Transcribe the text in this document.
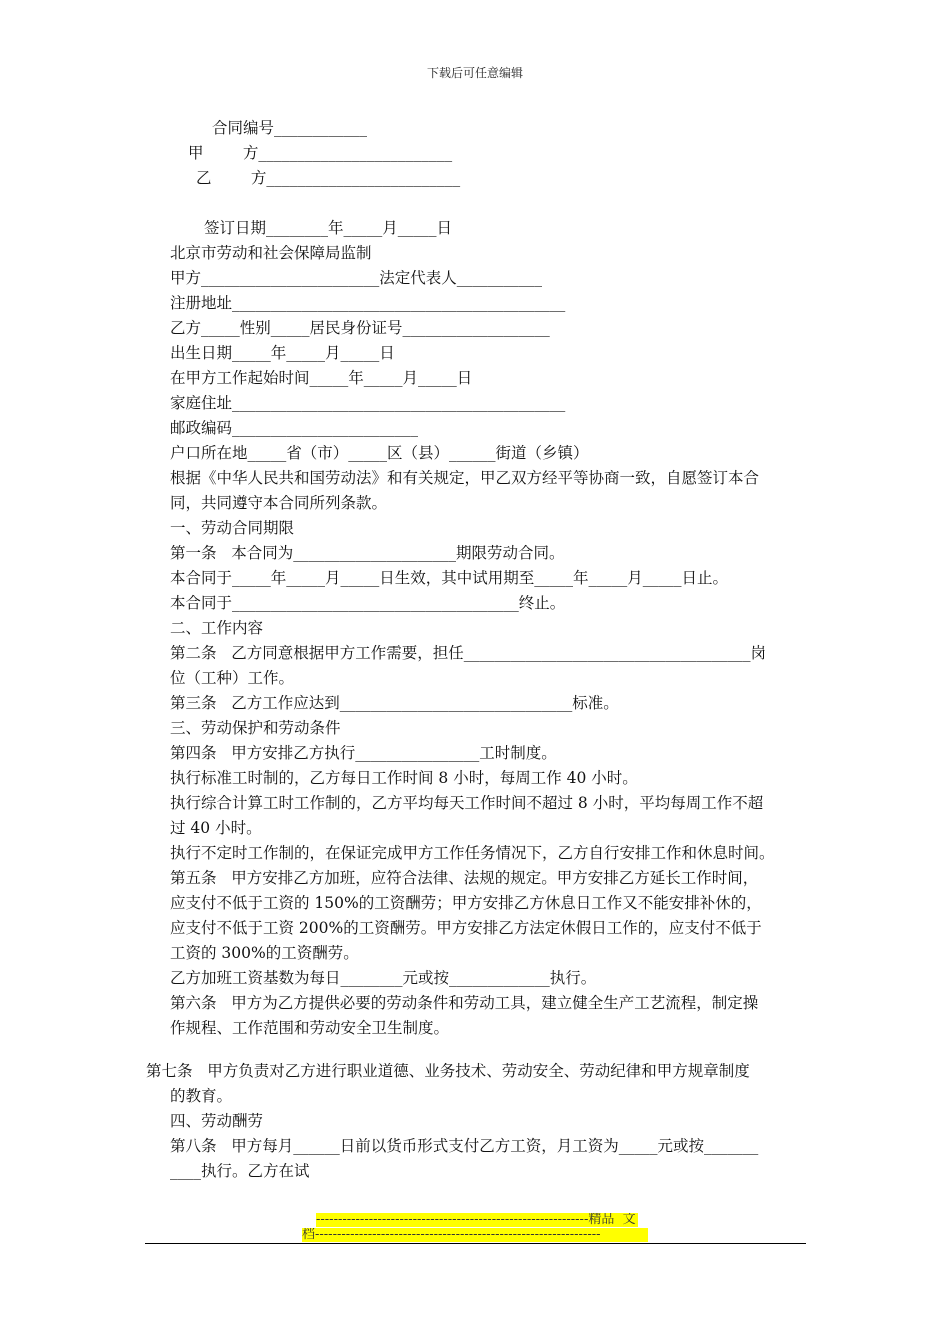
下载后可任意编辑
合同编号____________
甲        方_________________________
乙        方_________________________
签订日期________年_____月_____日
北京市劳动和社会保障局监制
甲方_______________________法定代表人___________
注册地址___________________________________________
乙方_____性别_____居民身份证号___________________
出生日期_____年_____月_____日
在甲方工作起始时间_____年_____月_____日
家庭住址___________________________________________
邮政编码________________________
户口所在地_____省（市）_____区（县）______街道（乡镇）
根据《中华人民共和国劳动法》和有关规定，甲乙双方经平等协商一致，自愿签订本合
同，共同遵守本合同所列条款。
一、劳动合同期限
第一条   本合同为_____________________期限劳动合同。
本合同于_____年_____月_____日生效，其中试用期至_____年_____月_____日止。
本合同于_____________________________________终止。
二、工作内容
第二条   乙方同意根据甲方工作需要，担任_____________________________________岗
位（工种）工作。
第三条   乙方工作应达到______________________________标准。
三、劳动保护和劳动条件
第四条   甲方安排乙方执行________________工时制度。
执行标准工时制的，乙方每日工作时间 8 小时，每周工作 40 小时。
执行综合计算工时工作制的，乙方平均每天工作时间不超过 8 小时，平均每周工作不超
过 40 小时。
执行不定时工作制的，在保证完成甲方工作任务情况下，乙方自行安排工作和休息时间。
第五条   甲方安排乙方加班，应符合法律、法规的规定。甲方安排乙方延长工作时间，
应支付不低于工资的 150%的工资酬劳；甲方安排乙方休息日工作又不能安排补休的，
应支付不低于工资 200%的工资酬劳。甲方安排乙方法定休假日工作的，应支付不低于
工资的 300%的工资酬劳。
乙方加班工资基数为每日________元或按_____________执行。
第六条   甲方为乙方提供必要的劳动条件和劳动工具，建立健全生产工艺流程，制定操
作规程、工作范围和劳动安全卫生制度。
第七条   甲方负责对乙方进行职业道德、业务技术、劳动安全、劳动纪律和甲方规章制度
的教育。
四、劳动酬劳
第八条   甲方每月______日前以货币形式支付乙方工资，月工资为_____元或按_______
____执行。乙方在试
--------------------------------------------------------------精品  文
档-----------------------------------------------------------------
